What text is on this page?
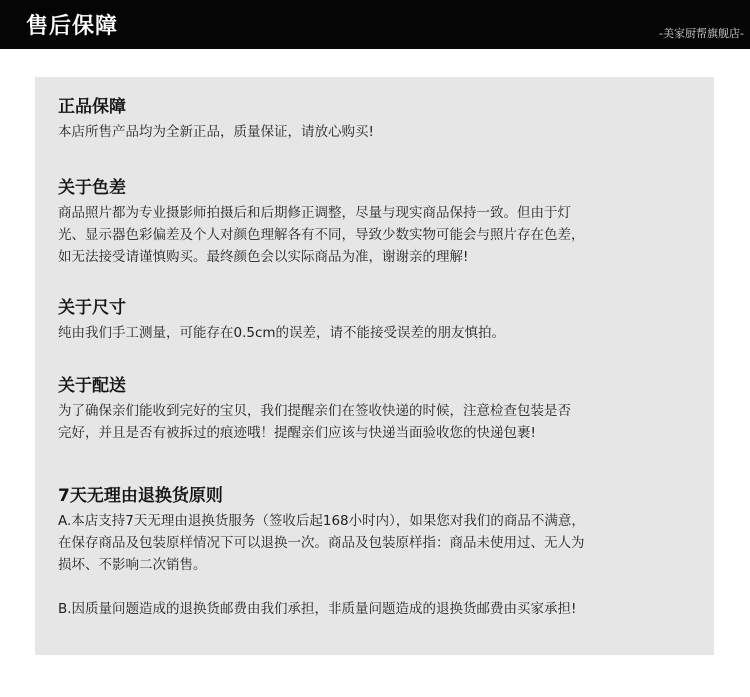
售后保障	-美家厨帮旗舰店-
正品保障

本店所售产品均为全新正品，质量保证，请放心购买!

关于色差

商品照片都为专业摄影师拍摄后和后期修正调整，尽量与现实商品保持一致。但由于灯

光、显示器色彩偏差及个人对颜色理解各有不同，导致少数实物可能会与照片存在色差，

如无法接受请谨慎购买。最终颜色会以实际商品为准，谢谢亲的理解!

关于尺寸

纯由我们手工测量，可能存在0.5cm的误差，请不能接受误差的朋友慎拍。

关于配送

为了确保亲们能收到完好的宝贝，我们提醒亲们在签收快递的时候，注意检查包装是否

完好，并且是否有被拆过的痕迹哦！提醒亲们应该与快递当面验收您的快递包裹!

7天无理由退换货原则

A.本店支持7天无理由退换货服务（签收后起168小时内），如果您对我们的商品不满意，

在保存商品及包装原样情况下可以退换一次。商品及包装原样指：商品未使用过、无人为

损坏、不影响二次销售。

B.因质量问题造成的退换货邮费由我们承担，非质量问题造成的退换货邮费由买家承担!
